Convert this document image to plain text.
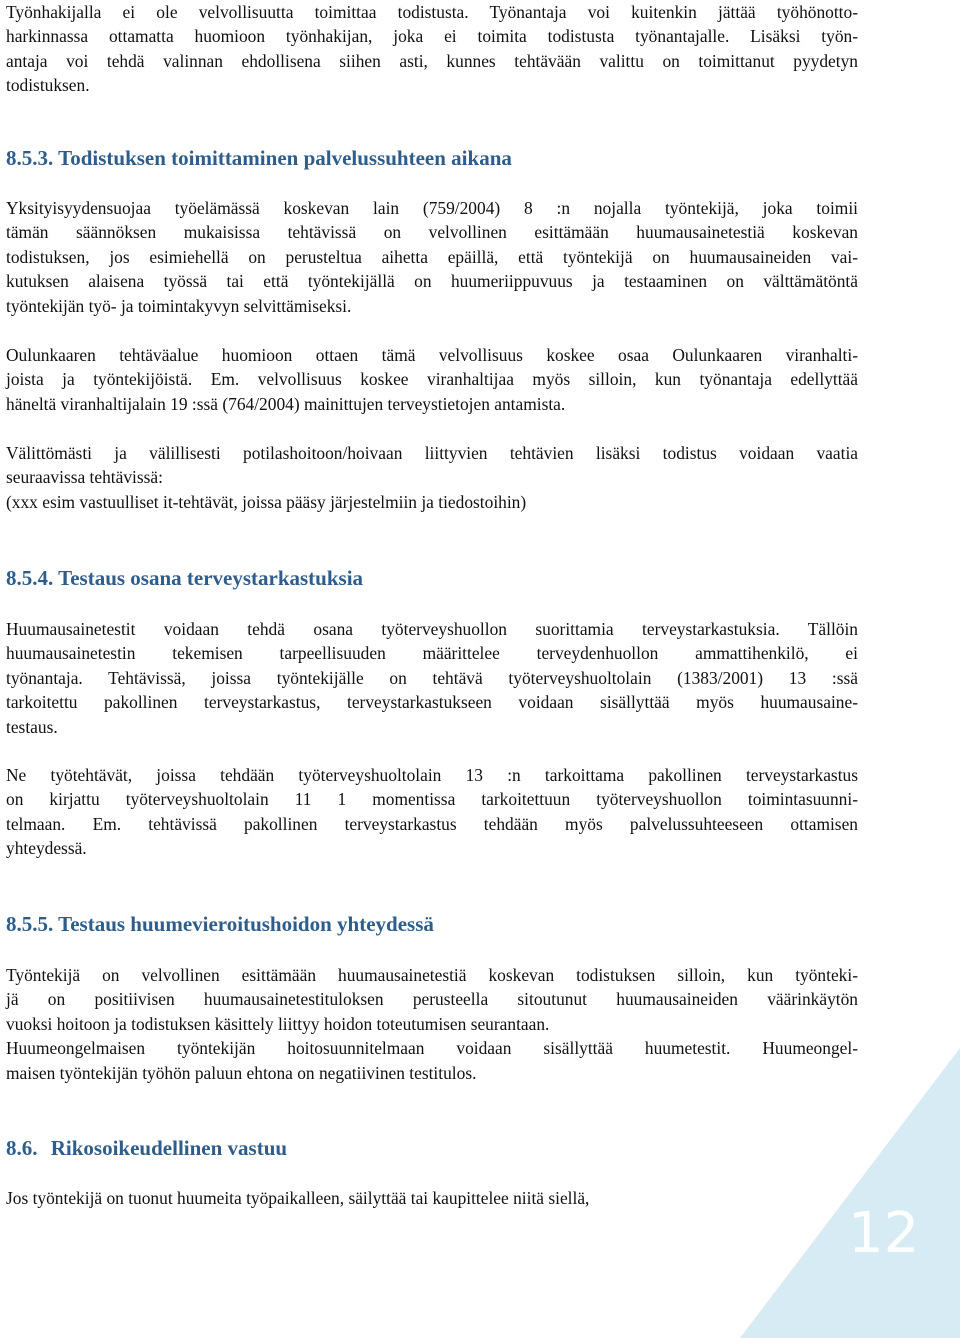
Työnhakijalla ei ole velvollisuutta toimittaa todistusta. Työnantaja voi kuitenkin jättää työhönotto-
harkinnassa ottamatta huomioon työnhakijan, joka ei toimita todistusta työnantajalle. Lisäksi työn-
antaja voi tehdä valinnan ehdollisena siihen asti, kunnes tehtävään valittu on toimittanut pyydetyn
todistuksen.

8.5.3. Todistuksen toimittaminen palvelussuhteen aikana

Yksityisyydensuojaa työelämässä koskevan lain (759/2004) 8 :n nojalla työntekijä, joka toimii
tämän säännöksen mukaisissa tehtävissä on velvollinen esittämään huumausainetestiä koskevan
todistuksen, jos esimiehellä on perusteltua aihetta epäillä, että työntekijä on huumausaineiden vai-
kutuksen alaisena työssä tai että työntekijällä on huumeriippuvuus ja testaaminen on välttämätöntä
työntekijän työ- ja toimintakyvyn selvittämiseksi.

Oulunkaaren tehtäväalue huomioon ottaen tämä velvollisuus koskee osaa Oulunkaaren viranhalti-
joista ja työntekijöistä. Em. velvollisuus koskee viranhaltijaa myös silloin, kun työnantaja edellyttää
häneltä viranhaltijalain 19 :ssä (764/2004) mainittujen terveystietojen antamista.

Välittömästi ja välillisesti potilashoitoon/hoivaan liittyvien tehtävien lisäksi todistus voidaan vaatia
seuraavissa tehtävissä:
(xxx esim vastuulliset it-tehtävät, joissa pääsy järjestelmiin ja tiedostoihin)

8.5.4. Testaus osana terveystarkastuksia

Huumausainetestit voidaan tehdä osana työterveyshuollon suorittamia terveystarkastuksia. Tällöin
huumausainetestin tekemisen tarpeellisuuden määrittelee terveydenhuollon ammattihenkilö, ei
työnantaja. Tehtävissä, joissa työntekijälle on tehtävä työterveyshuoltolain (1383/2001) 13 :ssä
tarkoitettu pakollinen terveystarkastus, terveystarkastukseen voidaan sisällyttää myös huumausaine-
testaus.

Ne työtehtävät, joissa tehdään työterveyshuoltolain 13 :n tarkoittama pakollinen terveystarkastus
on kirjattu työterveyshuoltolain 11 1 momentissa tarkoitettuun työterveyshuollon toimintasuunni-
telmaan. Em. tehtävissä pakollinen terveystarkastus tehdään myös palvelussuhteeseen ottamisen
yhteydessä.

8.5.5. Testaus huumevieroitushoidon yhteydessä

Työntekijä on velvollinen esittämään huumausainetestiä koskevan todistuksen silloin, kun työnteki-
jä on positiivisen huumausainetestituloksen perusteella sitoutunut huumausaineiden väärinkäytön
vuoksi hoitoon ja todistuksen käsittely liittyy hoidon toteutumisen seurantaan.
Huumeongelmaisen työntekijän hoitosuunnitelmaan voidaan sisällyttää huumetestit. Huumeongel-
maisen työntekijän työhön paluun ehtona on negatiivinen testitulos.

8.6. Rikosoikeudellinen vastuu

Jos työntekijä on tuonut huumeita työpaikalleen, säilyttää tai kaupittelee niitä siellä,

12
